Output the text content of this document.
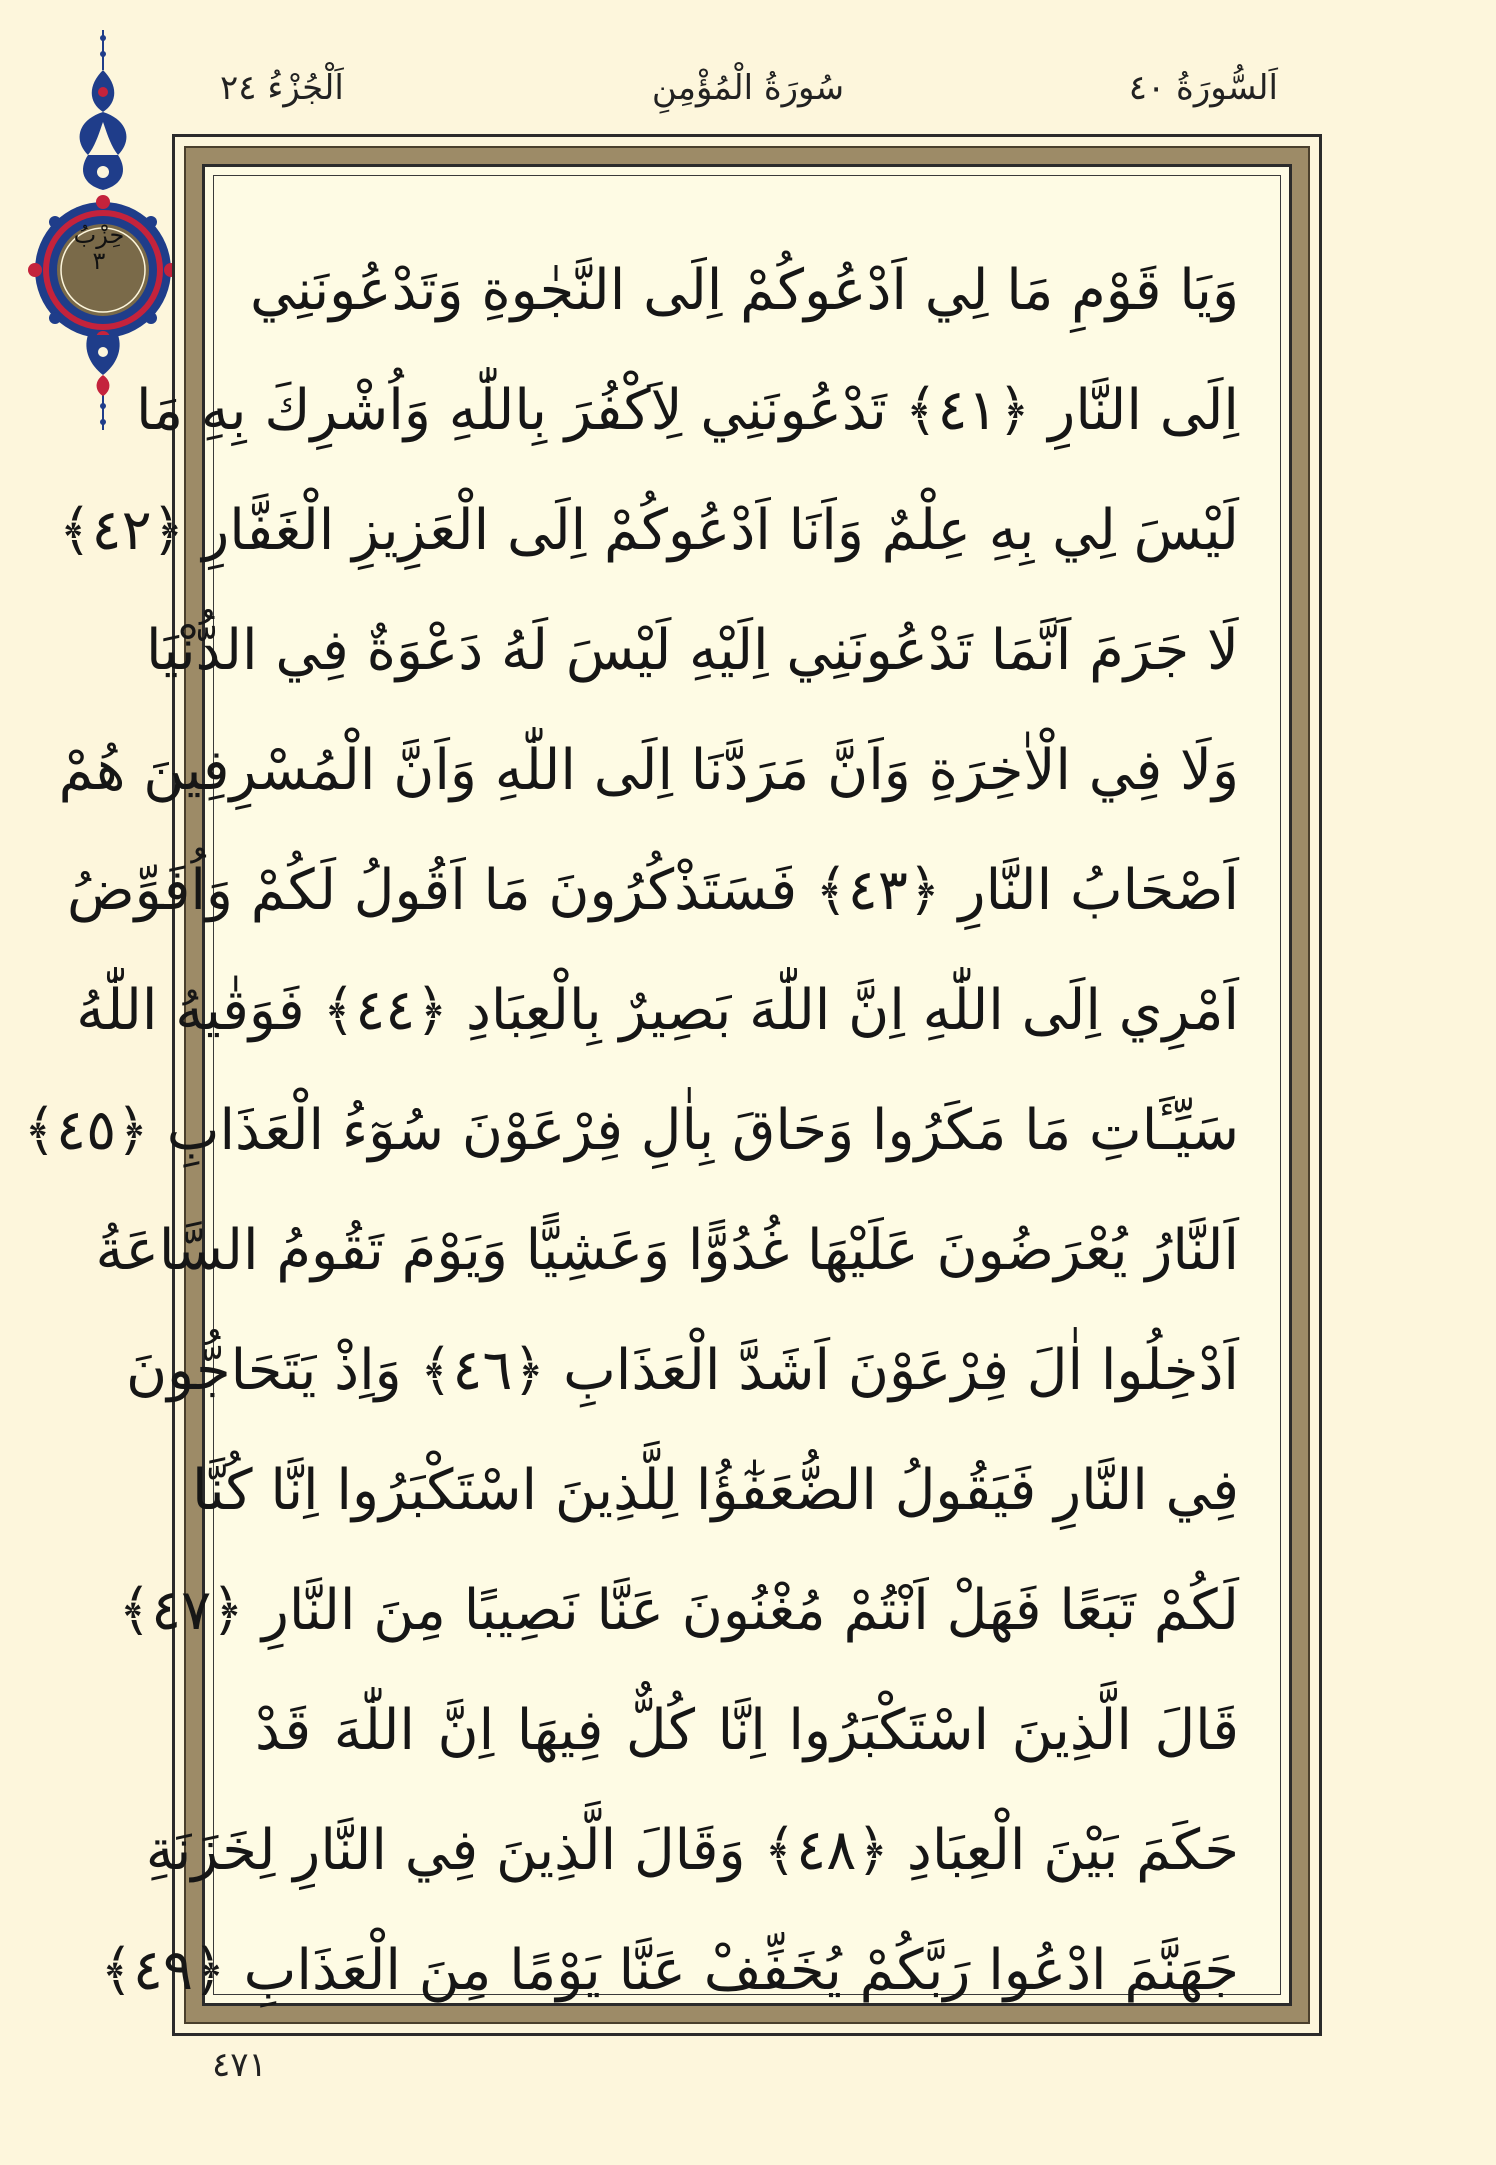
اَلْجُزْءُ ٢٤	سُورَةُ الْمُؤْمِنِ	اَلسُّورَةُ ٤٠
حِزْبُ
٣	وَيَا قَوْمِ مَا لِي اَدْعُوكُمْ اِلَى النَّجٰوةِ وَتَدْعُونَنِي
اِلَى النَّارِ ﴿٤١﴾ تَدْعُونَنِي لِاَكْفُرَ بِاللّٰهِ وَاُشْرِكَ بِهِ مَا
لَيْسَ لِي بِهِ عِلْمٌ وَاَنَا اَدْعُوكُمْ اِلَى الْعَزِيزِ الْغَفَّارِ ﴿٤٢﴾
لَا جَرَمَ اَنَّمَا تَدْعُونَنِي اِلَيْهِ لَيْسَ لَهُ دَعْوَةٌ فِي الدُّنْيَا
وَلَا فِي الْاٰخِرَةِ وَاَنَّ مَرَدَّنَا اِلَى اللّٰهِ وَاَنَّ الْمُسْرِفِينَ هُمْ
اَصْحَابُ النَّارِ ﴿٤٣﴾ فَسَتَذْكُرُونَ مَا اَقُولُ لَكُمْ وَاُفَوِّضُ
اَمْرِي اِلَى اللّٰهِ اِنَّ اللّٰهَ بَصِيرٌ بِالْعِبَادِ ﴿٤٤﴾ فَوَقٰيهُ اللّٰهُ
سَيِّـَٔاتِ مَا مَكَرُوا وَحَاقَ بِاٰلِ فِرْعَوْنَ سُوٓءُ الْعَذَابِ ﴿٤٥﴾
اَلنَّارُ يُعْرَضُونَ عَلَيْهَا غُدُوًّا وَعَشِيًّا وَيَوْمَ تَقُومُ السَّاعَةُ
اَدْخِلُوا اٰلَ فِرْعَوْنَ اَشَدَّ الْعَذَابِ ﴿٤٦﴾ وَاِذْ يَتَحَاجُّونَ
فِي النَّارِ فَيَقُولُ الضُّعَفٰٓؤُا لِلَّذِينَ اسْتَكْبَرُوا اِنَّا كُنَّا
لَكُمْ تَبَعًا فَهَلْ اَنْتُمْ مُغْنُونَ عَنَّا نَصِيبًا مِنَ النَّارِ ﴿٤٧﴾
قَالَ الَّذِينَ اسْتَكْبَرُوا اِنَّا كُلٌّ فِيهَا اِنَّ اللّٰهَ قَدْ
حَكَمَ بَيْنَ الْعِبَادِ ﴿٤٨﴾ وَقَالَ الَّذِينَ فِي النَّارِ لِخَزَنَةِ
جَهَنَّمَ ادْعُوا رَبَّكُمْ يُخَفِّفْ عَنَّا يَوْمًا مِنَ الْعَذَابِ ﴿٤٩﴾
٤٧١
